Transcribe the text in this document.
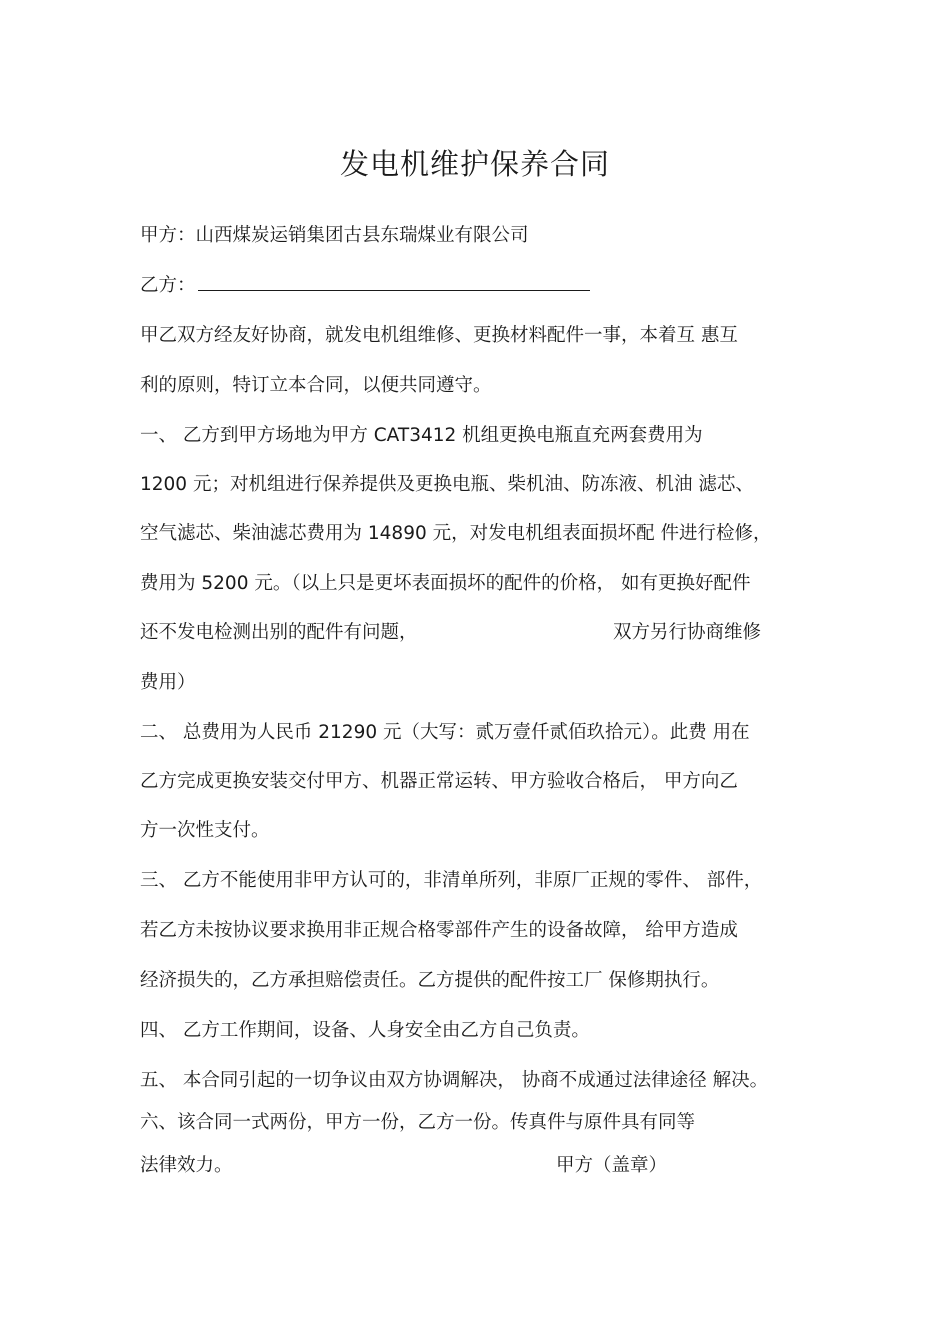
发电机维护保养合同
甲方：山西煤炭运销集团古县东瑞煤业有限公司
乙方：
甲乙双方经友好协商，就发电机组维修、更换材料配件一事，本着互 惠互
利的原则，特订立本合同，以便共同遵守。
一、 乙方到甲方场地为甲方 CAT3412 机组更换电瓶直充两套费用为
1200 元；对机组进行保养提供及更换电瓶、柴机油、防冻液、机油 滤芯、
空气滤芯、柴油滤芯费用为 14890 元，对发电机组表面损坏配 件进行检修，
费用为 5200 元。（以上只是更坏表面损坏的配件的价格， 如有更换好配件
还不发电检测出别的配件有问题，	双方另行协商维修
费用）
二、 总费用为人民币 21290 元（大写：贰万壹仟贰佰玖拾元）。此费 用在
乙方完成更换安装交付甲方、机器正常运转、甲方验收合格后， 甲方向乙
方一次性支付。
三、 乙方不能使用非甲方认可的，非清单所列，非原厂正规的零件、 部件，
若乙方未按协议要求换用非正规合格零部件产生的设备故障， 给甲方造成
经济损失的，乙方承担赔偿责任。乙方提供的配件按工厂 保修期执行。
四、 乙方工作期间，设备、人身安全由乙方自己负责。
五、 本合同引起的一切争议由双方协调解决， 协商不成通过法律途径 解决。
六、该合同一式两份，甲方一份，乙方一份。传真件与原件具有同等
法律效力。	甲方（盖章）
